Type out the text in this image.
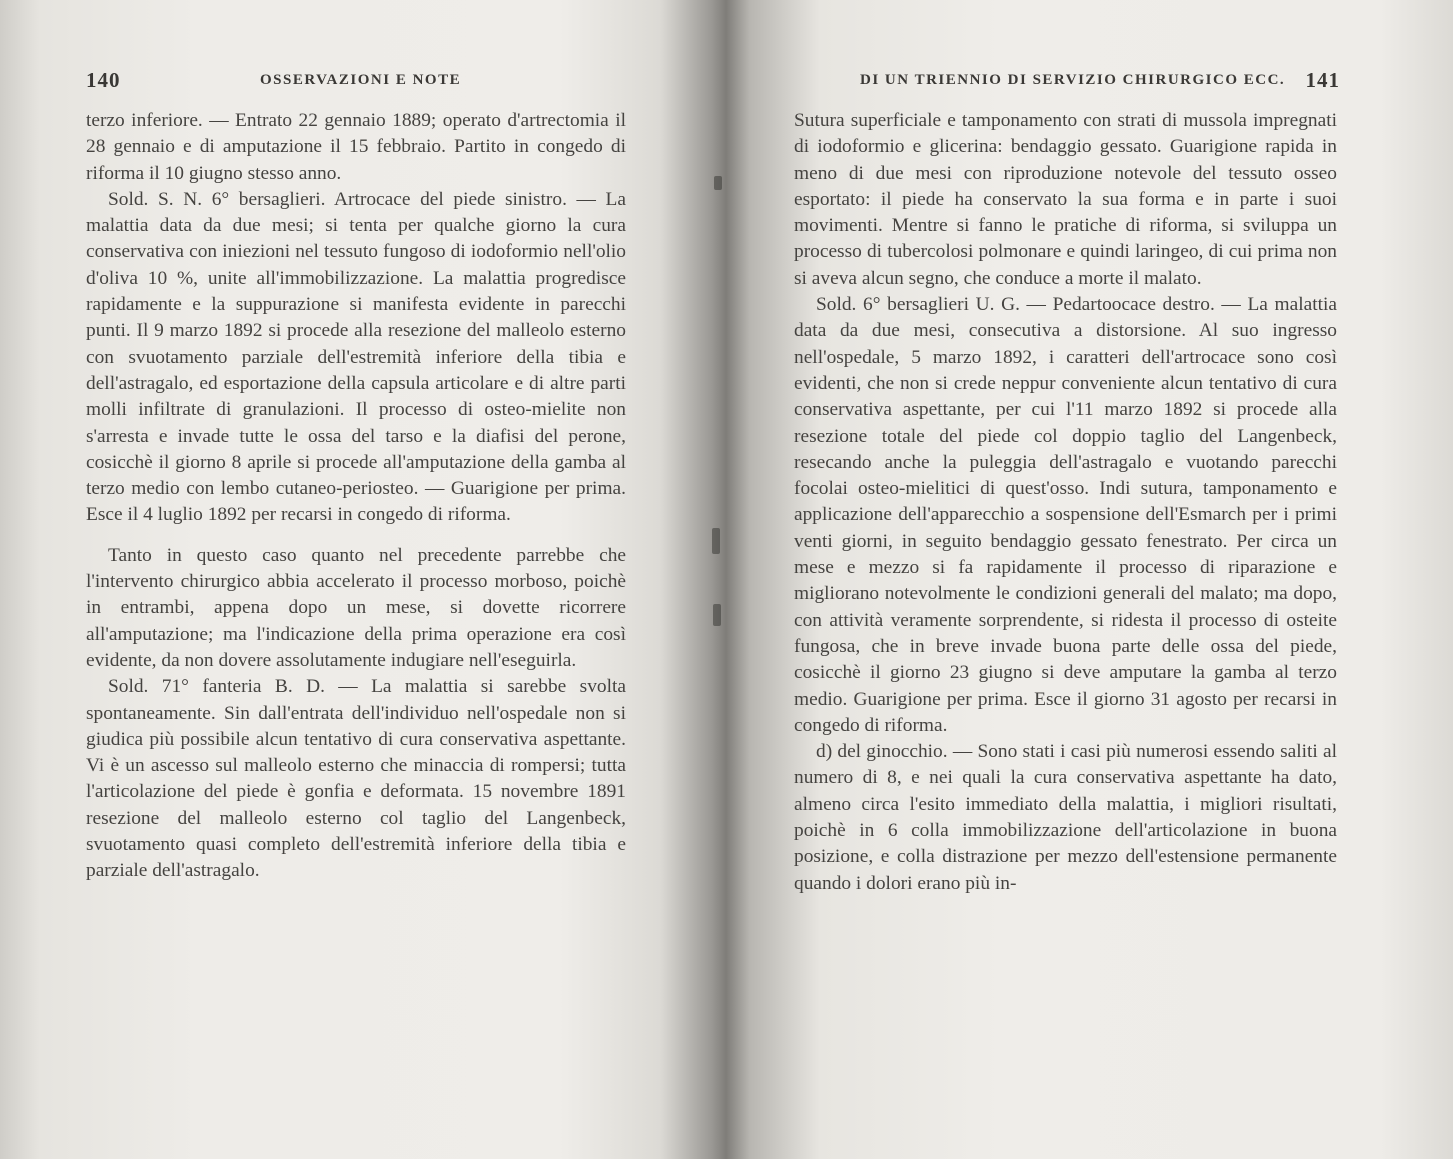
140	OSSERVAZIONI E NOTE

terzo inferiore. — Entrato 22 gennaio 1889; operato d'artrectomia il 28 gennaio e di amputazione il 15 febbraio. Partito in congedo di riforma il 10 giugno stesso anno.

Sold. S. N. 6° bersaglieri. Artrocace del piede sinistro. — La malattia data da due mesi; si tenta per qualche giorno la cura conservativa con iniezioni nel tessuto fungoso di iodoformio nell'olio d'oliva 10 %, unite all'immobilizzazione. La malattia progredisce rapidamente e la suppurazione si manifesta evidente in parecchi punti. Il 9 marzo 1892 si procede alla resezione del malleolo esterno con svuotamento parziale dell'estremità inferiore della tibia e dell'astragalo, ed esportazione della capsula articolare e di altre parti molli infiltrate di granulazioni. Il processo di osteo-mielite non s'arresta e invade tutte le ossa del tarso e la diafisi del perone, cosicchè il giorno 8 aprile si procede all'amputazione della gamba al terzo medio con lembo cutaneo-periosteo. — Guarigione per prima. Esce il 4 luglio 1892 per recarsi in congedo di riforma.

Tanto in questo caso quanto nel precedente parrebbe che l'intervento chirurgico abbia accelerato il processo morboso, poichè in entrambi, appena dopo un mese, si dovette ricorrere all'amputazione; ma l'indicazione della prima operazione era così evidente, da non dovere assolutamente indugiare nell'eseguirla.

Sold. 71° fanteria B. D. — La malattia si sarebbe svolta spontaneamente. Sin dall'entrata dell'individuo nell'ospedale non si giudica più possibile alcun tentativo di cura conservativa aspettante. Vi è un ascesso sul malleolo esterno che minaccia di rompersi; tutta l'articolazione del piede è gonfia e deformata. 15 novembre 1891 resezione del malleolo esterno col taglio del Langenbeck, svuotamento quasi completo dell'estremità inferiore della tibia e parziale dell'astragalo.

DI UN TRIENNIO DI SERVIZIO CHIRURGICO ECC. 141

Sutura superficiale e tamponamento con strati di mussola impregnati di iodoformio e glicerina: bendaggio gessato. Guarigione rapida in meno di due mesi con riproduzione notevole del tessuto osseo esportato: il piede ha conservato la sua forma e in parte i suoi movimenti. Mentre si fanno le pratiche di riforma, si sviluppa un processo di tubercolosi polmonare e quindi laringeo, di cui prima non si aveva alcun segno, che conduce a morte il malato.

Sold. 6° bersaglieri U. G. — Pedartoocace destro. — La malattia data da due mesi, consecutiva a distorsione. Al suo ingresso nell'ospedale, 5 marzo 1892, i caratteri dell'artrocace sono così evidenti, che non si crede neppur conveniente alcun tentativo di cura conservativa aspettante, per cui l'11 marzo 1892 si procede alla resezione totale del piede col doppio taglio del Langenbeck, resecando anche la puleggia dell'astragalo e vuotando parecchi focolai osteo-mielitici di quest'osso. Indi sutura, tamponamento e applicazione dell'apparecchio a sospensione dell'Esmarch per i primi venti giorni, in seguito bendaggio gessato fenestrato. Per circa un mese e mezzo si fa rapidamente il processo di riparazione e migliorano notevolmente le condizioni generali del malato; ma dopo, con attività veramente sorprendente, si ridesta il processo di osteite fungosa, che in breve invade buona parte delle ossa del piede, cosicchè il giorno 23 giugno si deve amputare la gamba al terzo medio. Guarigione per prima. Esce il giorno 31 agosto per recarsi in congedo di riforma.

d) del ginocchio. — Sono stati i casi più numerosi essendo saliti al numero di 8, e nei quali la cura conservativa aspettante ha dato, almeno circa l'esito immediato della malattia, i migliori risultati, poichè in 6 colla immobilizzazione dell'articolazione in buona posizione, e colla distrazione per mezzo dell'estensione permanente quando i dolori erano più in-
